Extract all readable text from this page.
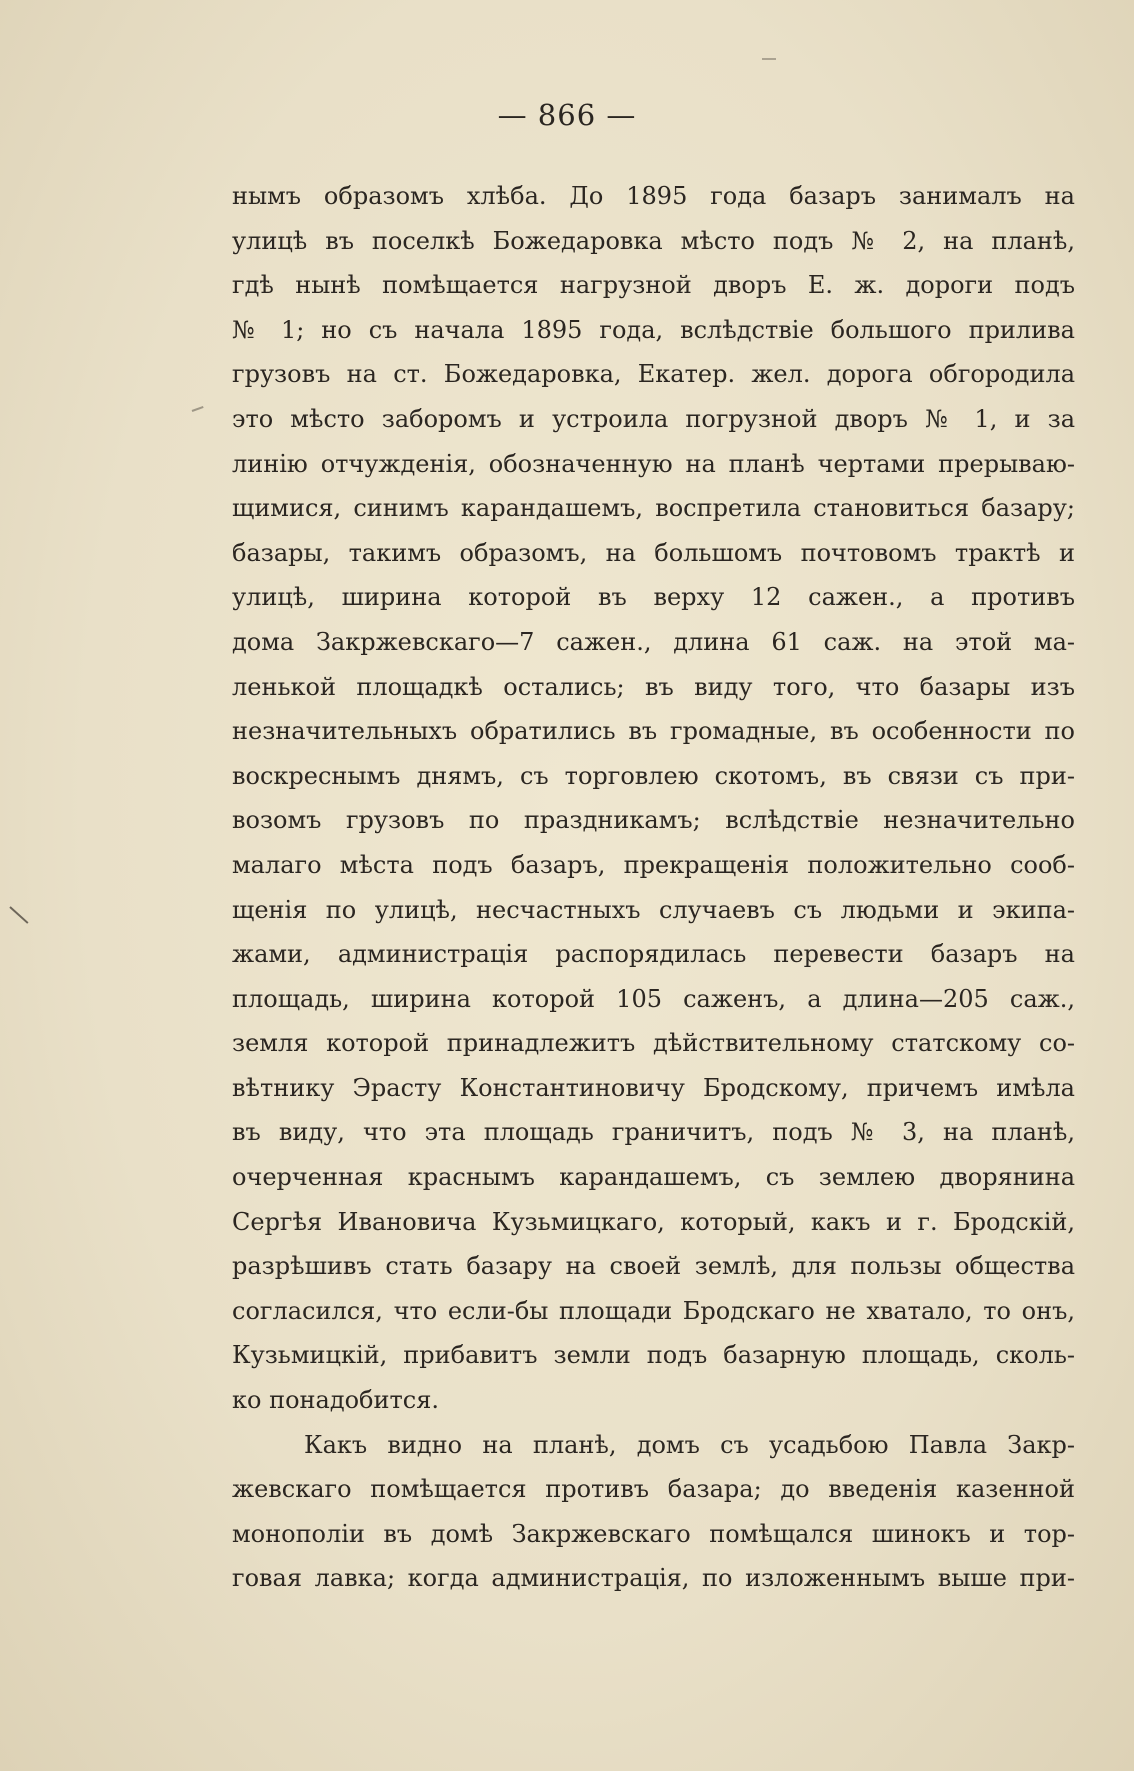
— 866 —
нымъ образомъ хлѣба. До 1895 года базаръ занималъ на
улицѣ въ поселкѣ Божедаровка мѣсто подъ № 2, на планѣ,
гдѣ нынѣ помѣщается нагрузной дворъ Е. ж. дороги подъ
№ 1; но съ начала 1895 года, вслѣдствіе большого прилива
грузовъ на ст. Божедаровка, Екатер. жел. дорога обгородила
это мѣсто заборомъ и устроила погрузной дворъ № 1, и за
линію отчужденія, обозначенную на планѣ чертами прерываю-
щимися, синимъ карандашемъ, воспретила становиться базару;
базары, такимъ образомъ, на большомъ почтовомъ трактѣ и
улицѣ, ширина которой въ верху 12 сажен., а противъ
дома Закржевскаго—7 сажен., длина 61 саж. на этой ма-
ленькой площадкѣ остались; въ виду того, что базары изъ
незначительныхъ обратились въ громадные, въ особенности по
воскреснымъ днямъ, съ торговлею скотомъ, въ связи съ при-
возомъ грузовъ по праздникамъ; вслѣдствіе незначительно
малаго мѣста подъ базаръ, прекращенія положительно сооб-
щенія по улицѣ, несчастныхъ случаевъ съ людьми и экипа-
жами, администрація распорядилась перевести базаръ на
площадь, ширина которой 105 саженъ, а длина—205 саж.,
земля которой принадлежитъ дѣйствительному статскому со-
вѣтнику Эрасту Константиновичу Бродскому, причемъ имѣла
въ виду, что эта площадь граничитъ, подъ № 3, на планѣ,
очерченная краснымъ карандашемъ, съ землею дворянина
Сергѣя Ивановича Кузьмицкаго, который, какъ и г. Бродскій,
разрѣшивъ стать базару на своей землѣ, для пользы общества
согласился, что если-бы площади Бродскаго не хватало, то онъ,
Кузьмицкій, прибавитъ земли подъ базарную площадь, сколь-
ко понадобится.
Какъ видно на планѣ, домъ съ усадьбою Павла Закр-
жевскаго помѣщается противъ базара; до введенія казенной
монополіи въ домѣ Закржевскаго помѣщался шинокъ и тор-
говая лавка; когда администрація, по изложеннымъ выше при-
